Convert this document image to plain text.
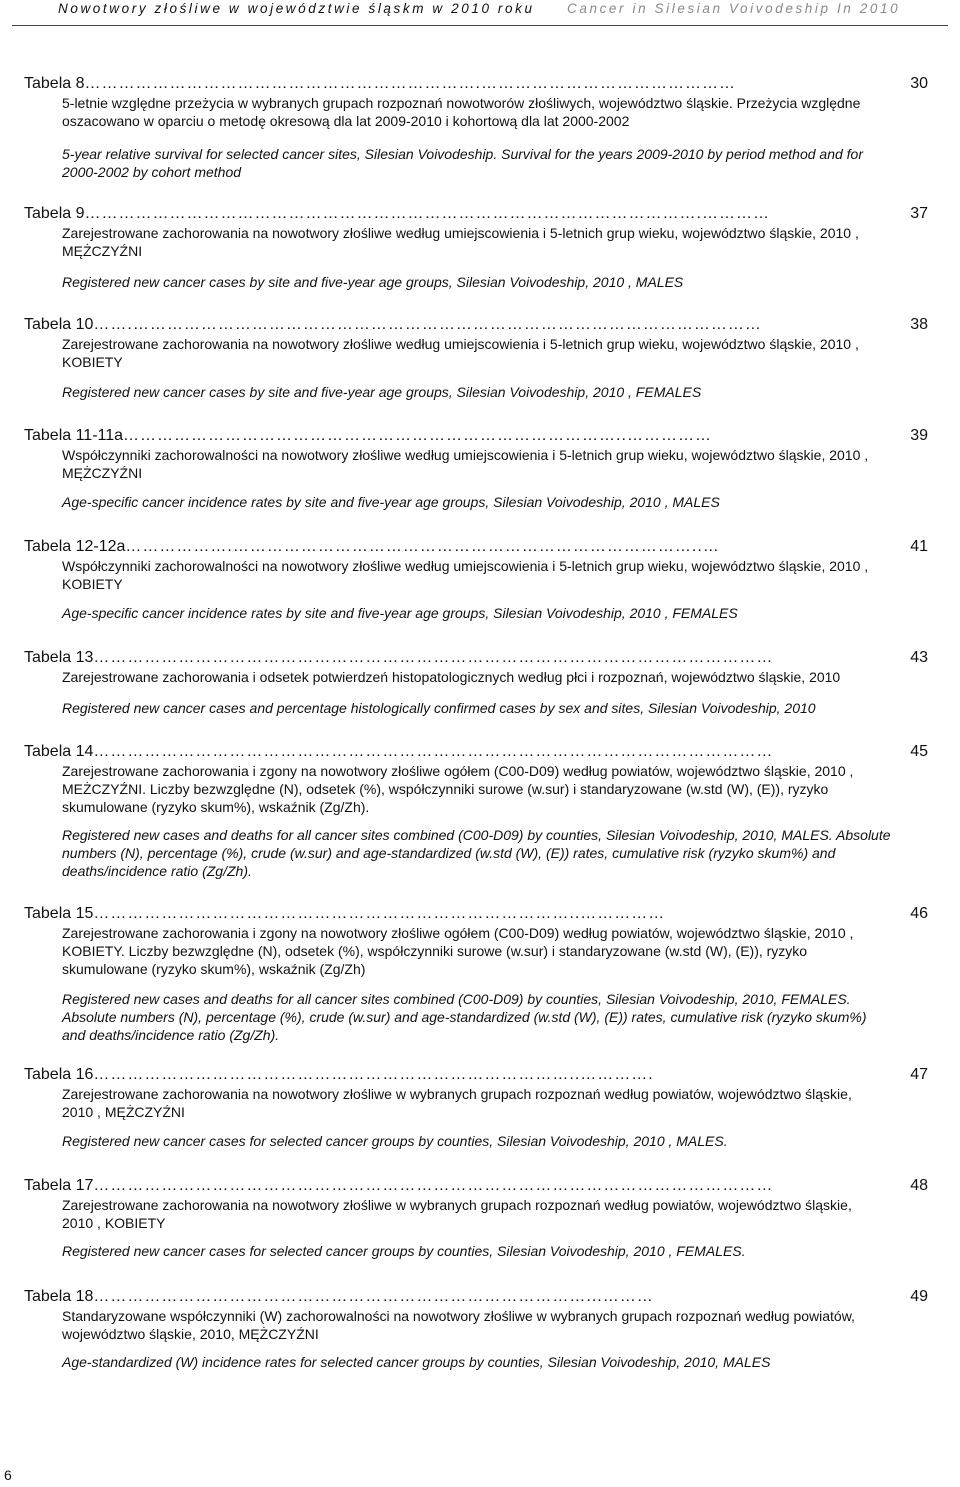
Nowotwory złośliwe w województwie śląskm w 2010 roku Cancer in Silesian Voivodeship In 2010
Tabela 8…………………………………………………………….………………………………………	30
5-letnie względne przeżycia w wybranych grupach rozpoznań nowotworów złośliwych, województwo śląskie. Przeżycia względne oszacowano w oparciu o metodę okresową dla lat 2009-2010 i kohortową dla lat 2000-2002
5-year relative survival for selected cancer sites, Silesian Voivodeship. Survival for the years 2009-2010 by period method and for 2000-2002 by cohort method
Tabela 9……………………………………………………………………………………………….…………	37
Zarejestrowane zachorowania na nowotwory złośliwe według umiejscowienia i 5-letnich grup wieku, województwo śląskie, 2010 , MĘŻCZYŹNI
Registered new cancer cases by site and five-year age groups, Silesian Voivodeship, 2010 , MALES
Tabela 10…….…………………………………………………………………………………………………	38
Zarejestrowane zachorowania na nowotwory złośliwe według umiejscowienia i 5-letnich grup wieku, województwo śląskie, 2010 , KOBIETY
Registered new cancer cases by site and five-year age groups, Silesian Voivodeship, 2010 , FEMALES
Tabela 11-11a……………………………………………………………………………..……………	39
Współczynniki zachorowalności na nowotwory złośliwe według umiejscowienia i 5-letnich grup wieku, województwo śląskie, 2010 , MĘŻCZYŹNI
Age-specific cancer incidence rates by site and five-year age groups, Silesian Voivodeship, 2010 , MALES
Tabela 12-12a……………….………………………………………………………………………..…	41
Współczynniki zachorowalności na nowotwory złośliwe według umiejscowienia i 5-letnich grup wieku, województwo śląskie, 2010 , KOBIETY
Age-specific cancer incidence rates by site and five-year age groups, Silesian Voivodeship, 2010 , FEMALES
Tabela 13…………………………………………………………………………………………………………	43
Zarejestrowane zachorowania i odsetek potwierdzeń histopatologicznych według płci i rozpoznań, województwo śląskie, 2010
Registered new cancer cases and percentage histologically confirmed cases by sex and sites, Silesian Voivodeship, 2010
Tabela 14…………………………………………………………………………………………………………	45
Zarejestrowane zachorowania i zgony na nowotwory złośliwe ogółem (C00-D09) według powiatów, województwo śląskie, 2010 , MEŻCZYŹNI. Liczby bezwzględne (N), odsetek (%), współczynniki surowe (w.sur) i standaryzowane (w.std (W), (E)), ryzyko skumulowane (ryzyko skum%), wskaźnik (Zg/Zh).
Registered new cases and deaths for all cancer sites combined (C00-D09) by counties, Silesian Voivodeship, 2010, MALES. Absolute numbers (N), percentage (%), crude (w.sur) and age-standardized (w.std (W), (E)) rates, cumulative risk (ryzyko skum%) and deaths/incidence ratio (Zg/Zh).
Tabela 15…………………………………………………………………………..……………	46
Zarejestrowane zachorowania i zgony na nowotwory złośliwe ogółem (C00-D09) według powiatów, województwo śląskie, 2010 , KOBIETY. Liczby bezwzględne (N), odsetek (%), współczynniki surowe (w.sur) i standaryzowane (w.std (W), (E)), ryzyko skumulowane (ryzyko skum%), wskaźnik (Zg/Zh)
Registered new cases and deaths for all cancer sites combined (C00-D09) by counties, Silesian Voivodeship, 2010, FEMALES. Absolute numbers (N), percentage (%), crude (w.sur) and age-standardized (w.std (W), (E)) rates, cumulative risk (ryzyko skum%) and deaths/incidence ratio (Zg/Zh).
Tabela 16…………………………………………………………………………..………….	47
Zarejestrowane zachorowania na nowotwory złośliwe w wybranych grupach rozpoznań według powiatów, województwo śląskie, 2010 , MĘŻCZYŹNI
Registered new cancer cases for selected cancer groups by counties, Silesian Voivodeship, 2010 , MALES.
Tabela 17…………………………………………………………………………………………………………	48
Zarejestrowane zachorowania na nowotwory złośliwe w wybranych grupach rozpoznań według powiatów, województwo śląskie, 2010 , KOBIETY
Registered new cancer cases for selected cancer groups by counties, Silesian Voivodeship, 2010 , FEMALES.
Tabela 18……………………………………………………………………………...………	49
Standaryzowane współczynniki (W) zachorowalności na nowotwory złośliwe w wybranych grupach rozpoznań według powiatów, województwo śląskie, 2010, MĘŻCZYŹNI
Age-standardized (W) incidence rates for selected cancer groups by counties, Silesian Voivodeship, 2010, MALES
6
